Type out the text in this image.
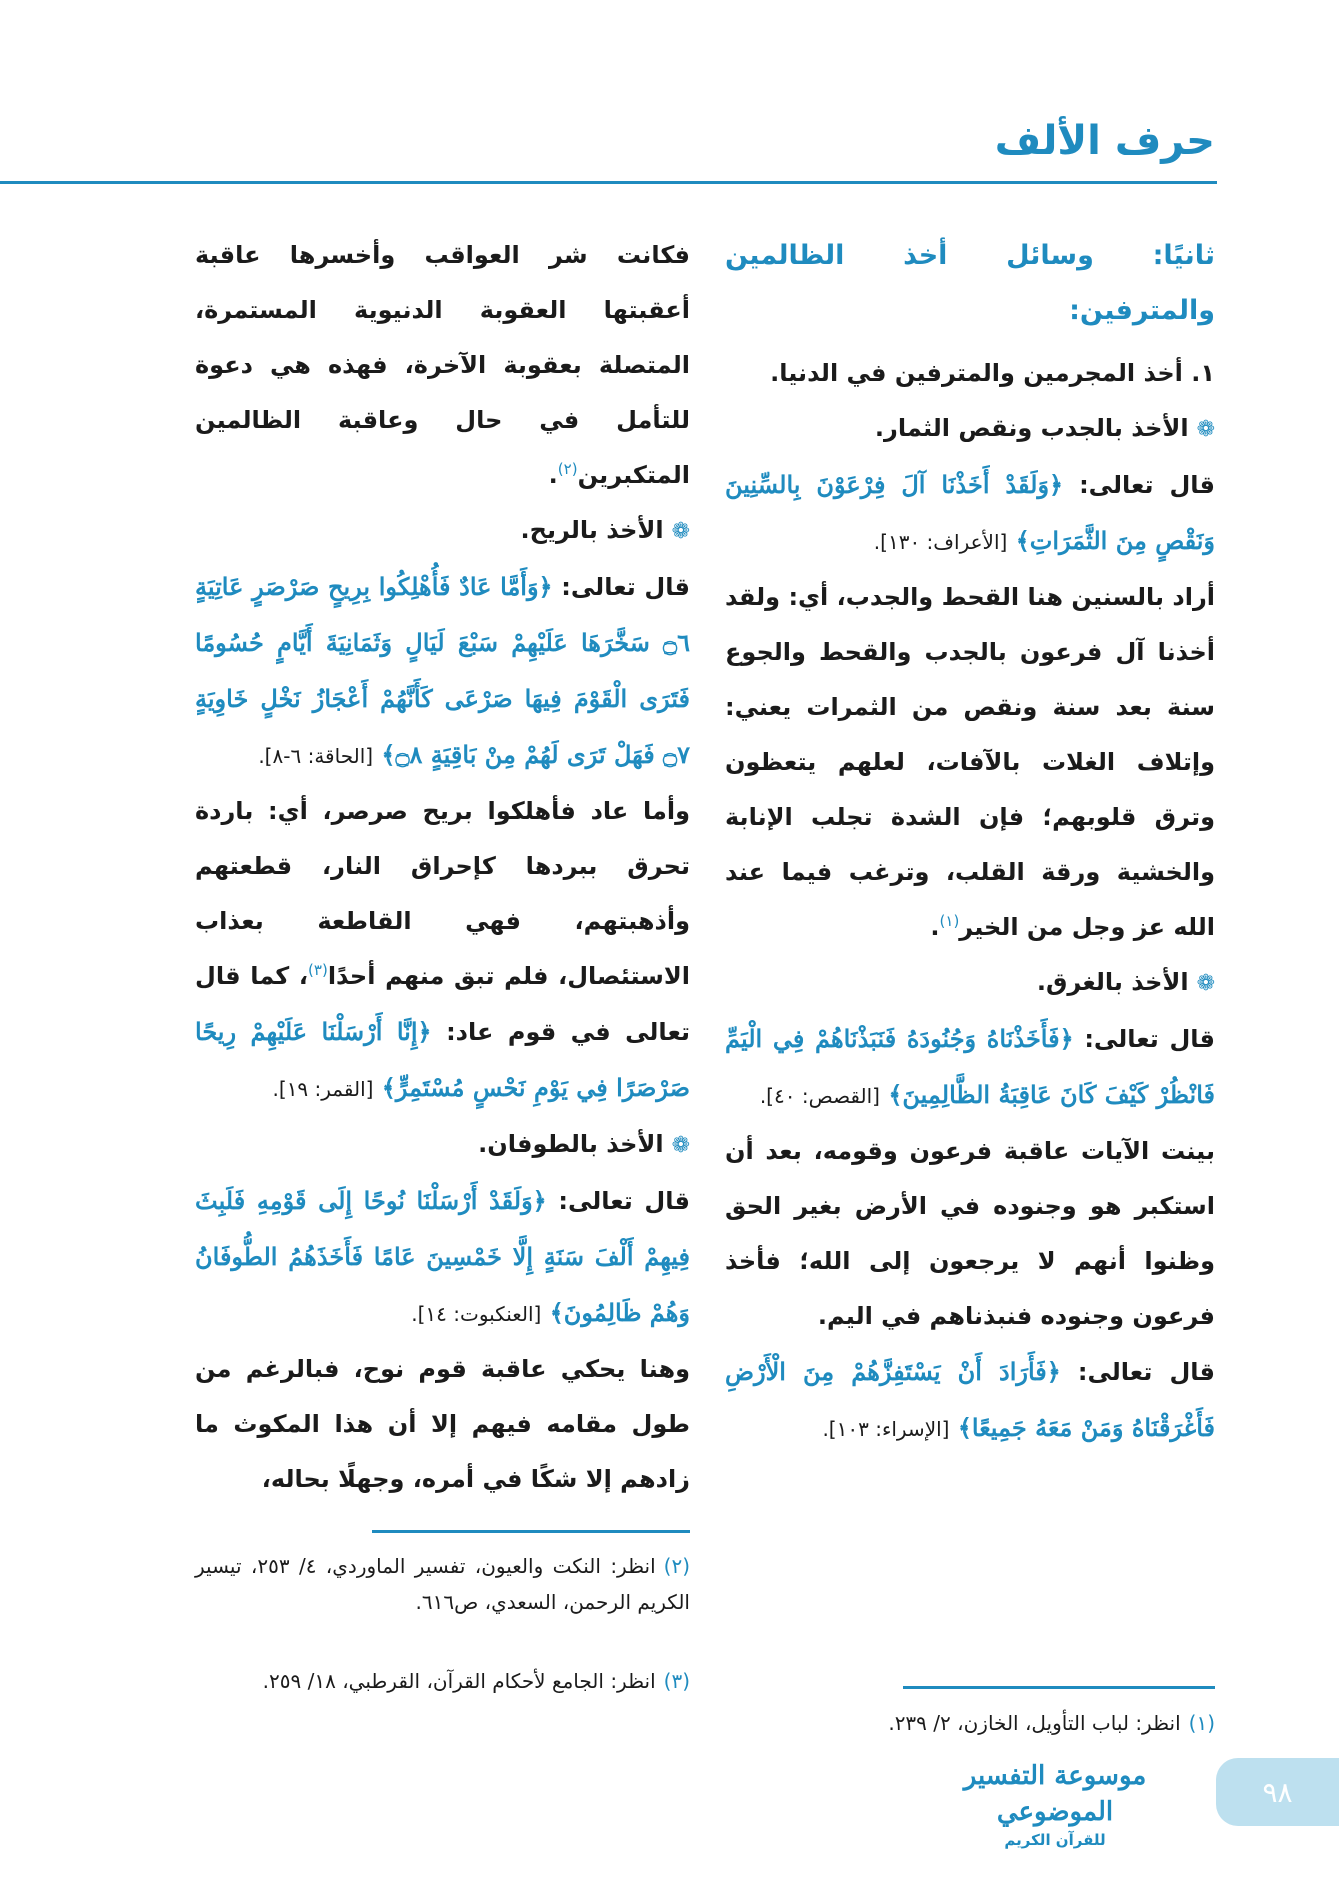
حرف الألف
ثانيًا: وسائل أخذ الظالمين والمترفين:
١. أخذ المجرمين والمترفين في الدنيا.
❁الأخذ بالجدب ونقص الثمار.
قال تعالى: ﴿وَلَقَدْ أَخَذْنَا آلَ فِرْعَوْنَ بِالسِّنِينَ وَنَقْصٍ مِنَ الثَّمَرَاتِ﴾ [الأعراف: ١٣٠].
أراد بالسنين هنا القحط والجدب، أي: ولقد أخذنا آل فرعون بالجدب والقحط والجوع سنة بعد سنة ونقص من الثمرات يعني: وإتلاف الغلات بالآفات، لعلهم يتعظون وترق قلوبهم؛ فإن الشدة تجلب الإنابة والخشية ورقة القلب، وترغب فيما عند الله عز وجل من الخير$^{(١)}$.
❁الأخذ بالغرق.
قال تعالى: ﴿فَأَخَذْنَاهُ وَجُنُودَهُ فَنَبَذْنَاهُمْ فِي الْيَمِّ فَانْظُرْ كَيْفَ كَانَ عَاقِبَةُ الظَّالِمِينَ﴾ [القصص: ٤٠].
بينت الآيات عاقبة فرعون وقومه، بعد أن استكبر هو وجنوده في الأرض بغير الحق وظنوا أنهم لا يرجعون إلى الله؛ فأخذ فرعون وجنوده فنبذناهم في اليم.
قال تعالى: ﴿فَأَرَادَ أَنْ يَسْتَفِزَّهُمْ مِنَ الْأَرْضِ فَأَغْرَقْنَاهُ وَمَنْ مَعَهُ جَمِيعًا﴾ [الإسراء: ١٠٣].
فكانت شر العواقب وأخسرها عاقبة أعقبتها العقوبة الدنيوية المستمرة، المتصلة بعقوبة الآخرة، فهذه هي دعوة للتأمل في حال وعاقبة الظالمين المتكبرين$^{(٢)}$.
❁الأخذ بالريح.
قال تعالى: ﴿وَأَمَّا عَادٌ فَأُهْلِكُوا بِرِيحٍ صَرْصَرٍ عَاتِيَةٍ ۝٦ سَخَّرَهَا عَلَيْهِمْ سَبْعَ لَيَالٍ وَثَمَانِيَةَ أَيَّامٍ حُسُومًا فَتَرَى الْقَوْمَ فِيهَا صَرْعَى كَأَنَّهُمْ أَعْجَازُ نَخْلٍ خَاوِيَةٍ ۝٧ فَهَلْ تَرَى لَهُمْ مِنْ بَاقِيَةٍ ۝٨﴾ [الحاقة: ٦-٨].
وأما عاد فأهلكوا بريح صرصر، أي: باردة تحرق ببردها كإحراق النار، قطعتهم وأذهبتهم، فهي القاطعة بعذاب الاستئصال، فلم تبق منهم أحدًا$^{(٣)}$، كما قال تعالى في قوم عاد: ﴿إِنَّا أَرْسَلْنَا عَلَيْهِمْ رِيحًا صَرْصَرًا فِي يَوْمِ نَحْسٍ مُسْتَمِرٍّ﴾ [القمر: ١٩].
❁الأخذ بالطوفان.
قال تعالى: ﴿وَلَقَدْ أَرْسَلْنَا نُوحًا إِلَى قَوْمِهِ فَلَبِثَ فِيهِمْ أَلْفَ سَنَةٍ إِلَّا خَمْسِينَ عَامًا فَأَخَذَهُمُ الطُّوفَانُ وَهُمْ ظَالِمُونَ﴾ [العنكبوت: ١٤].
وهنا يحكي عاقبة قوم نوح، فبالرغم من طول مقامه فيهم إلا أن هذا المكوث ما زادهم إلا شكًا في أمره، وجهلًا بحاله،
(١)انظر: لباب التأويل، الخازن، ٢/ ٢٣٩.
(٢)انظر: النكت والعيون، تفسير الماوردي، ٤/ ٢٥٣، تيسير الكريم الرحمن، السعدي، ص٦١٦.
(٣)انظر: الجامع لأحكام القرآن، القرطبي، ١٨/ ٢٥٩.
موسوعة التفسير الموضوعي
للقرآن الكريم
٩٨
